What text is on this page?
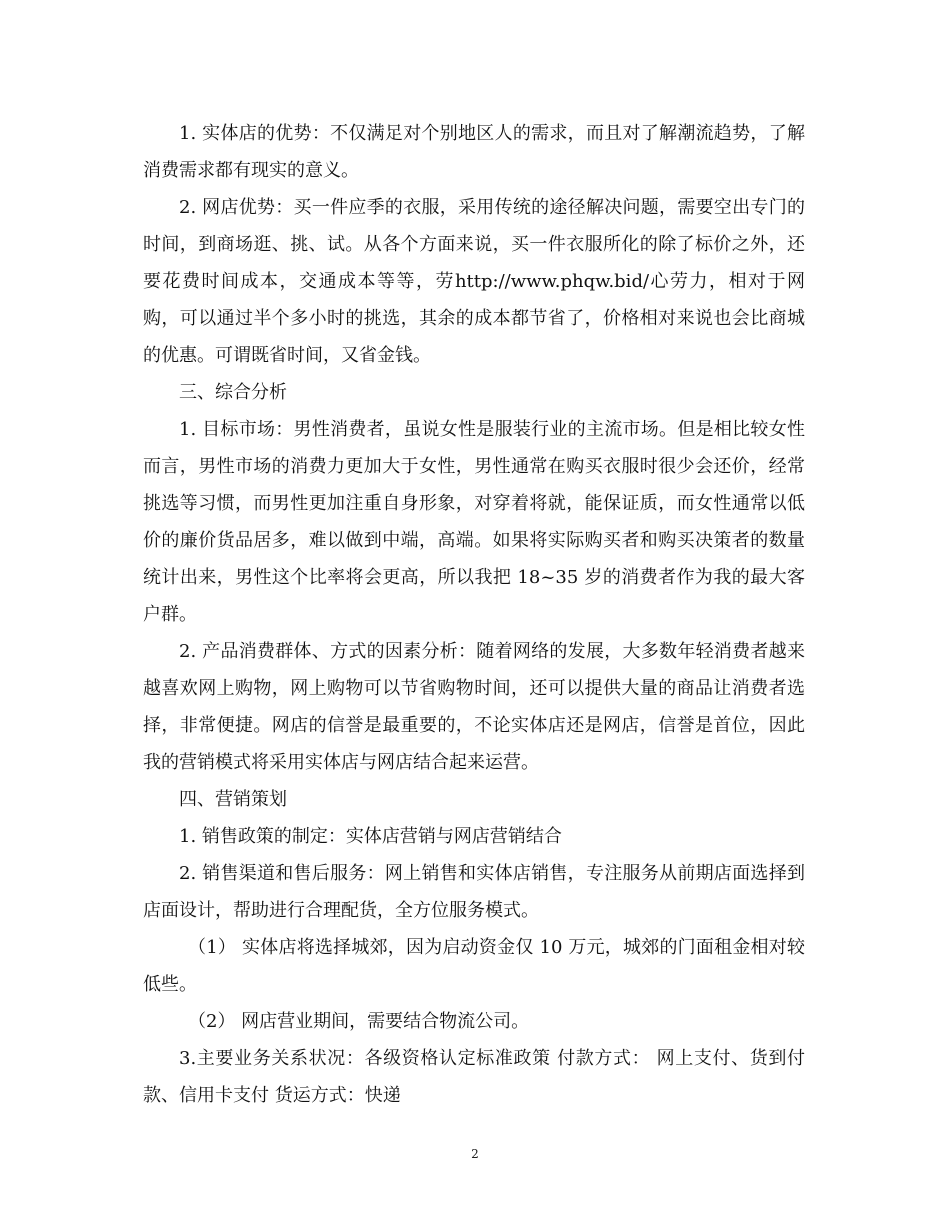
1. 实体店的优势：不仅满足对个别地区人的需求，而且对了解潮流趋势，了解消费需求都有现实的意义。

2. 网店优势：买一件应季的衣服，采用传统的途径解决问题，需要空出专门的时间，到商场逛、挑、试。从各个方面来说，买一件衣服所化的除了标价之外，还要花费时间成本，交通成本等等，劳http://www.phqw.bid/心劳力，相对于网购，可以通过半个多小时的挑选，其余的成本都节省了，价格相对来说也会比商城的优惠。可谓既省时间，又省金钱。

三、综合分析

1. 目标市场：男性消费者，虽说女性是服装行业的主流市场。但是相比较女性而言，男性市场的消费力更加大于女性，男性通常在购买衣服时很少会还价，经常挑选等习惯，而男性更加注重自身形象，对穿着将就，能保证质，而女性通常以低价的廉价货品居多，难以做到中端，高端。如果将实际购买者和购买决策者的数量统计出来，男性这个比率将会更高，所以我把 18~35 岁的消费者作为我的最大客户群。

2. 产品消费群体、方式的因素分析：随着网络的发展，大多数年轻消费者越来越喜欢网上购物，网上购物可以节省购物时间，还可以提供大量的商品让消费者选择，非常便捷。网店的信誉是最重要的，不论实体店还是网店，信誉是首位，因此我的营销模式将采用实体店与网店结合起来运营。

四、营销策划

1. 销售政策的制定：实体店营销与网店营销结合

2. 销售渠道和售后服务：网上销售和实体店销售，专注服务从前期店面选择到店面设计，帮助进行合理配货，全方位服务模式。

（1） 实体店将选择城郊，因为启动资金仅 10 万元，城郊的门面租金相对较低些。

（2） 网店营业期间，需要结合物流公司。

3.主要业务关系状况：各级资格认定标准政策 付款方式： 网上支付、货到付款、信用卡支付 货运方式：快递

2
